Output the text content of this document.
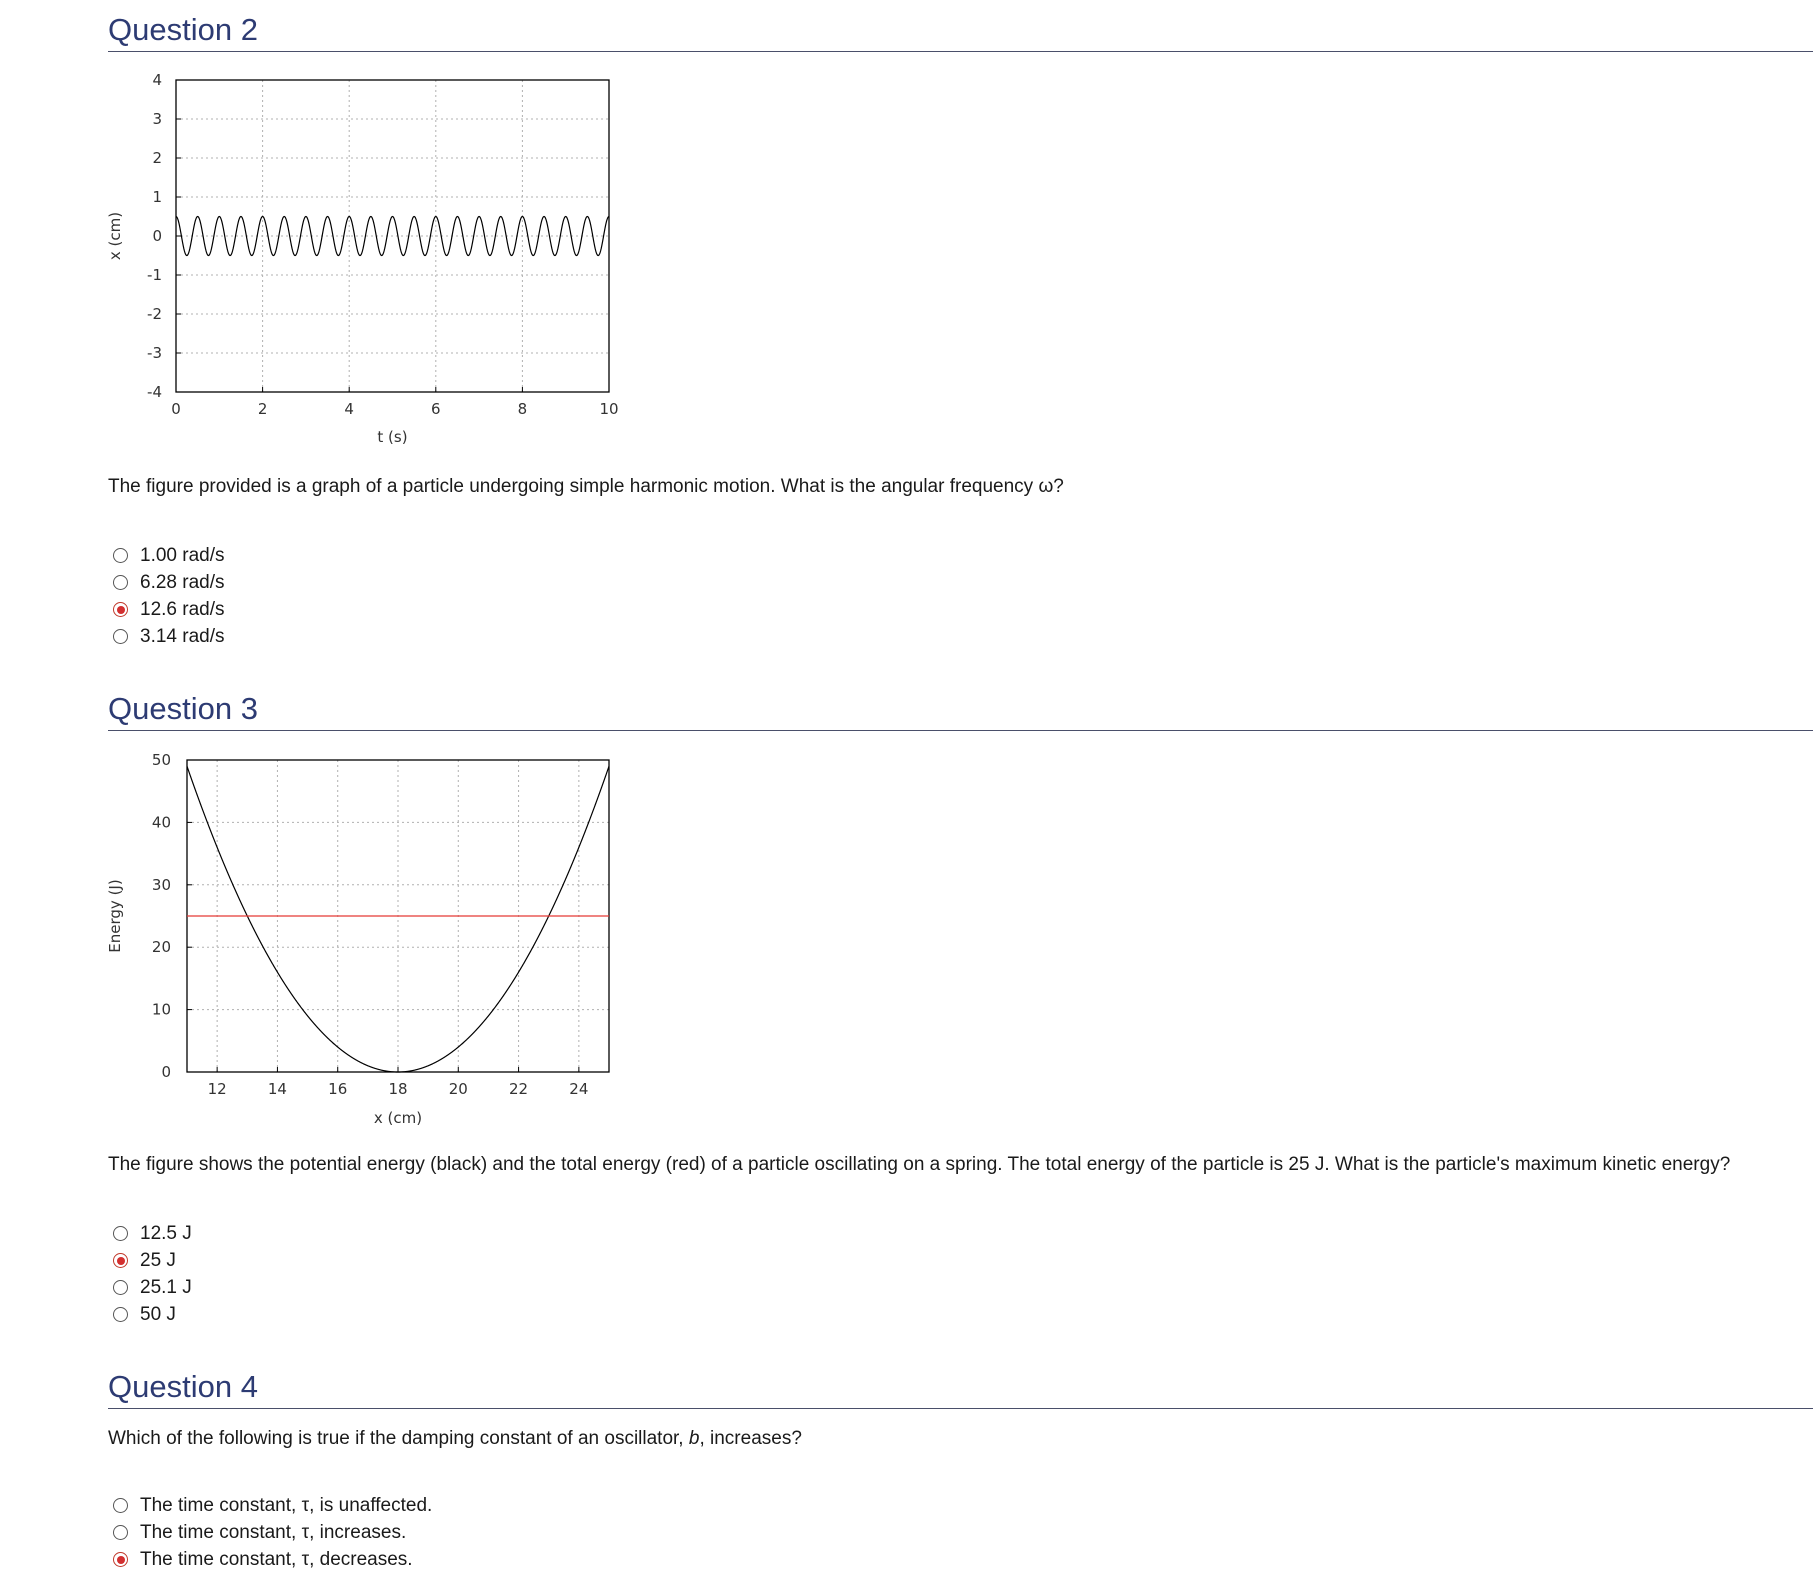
Question 2
0	2	4	6	8	10
4
3
2
1
0
-1
-2
-3
-4
t (s)
x (cm)

The figure provided is a graph of a particle undergoing simple harmonic motion. What is the angular frequency ω?

1.00 rad/s
6.28 rad/s
12.6 rad/s
3.14 rad/s
Question 3
12	14	16	18	20	22	24
50
40
30
20
10
0
x (cm)
Energy (J)

The figure shows the potential energy (black) and the total energy (red) of a particle oscillating on a spring. The total energy of the particle is 25 J. What is the particle's maximum kinetic energy?

12.5 J
25 J
25.1 J
50 J
Question 4

Which of the following is true if the damping constant of an oscillator, b, increases?

The time constant, τ, is unaffected.
The time constant, τ, increases.
The time constant, τ, decreases.
